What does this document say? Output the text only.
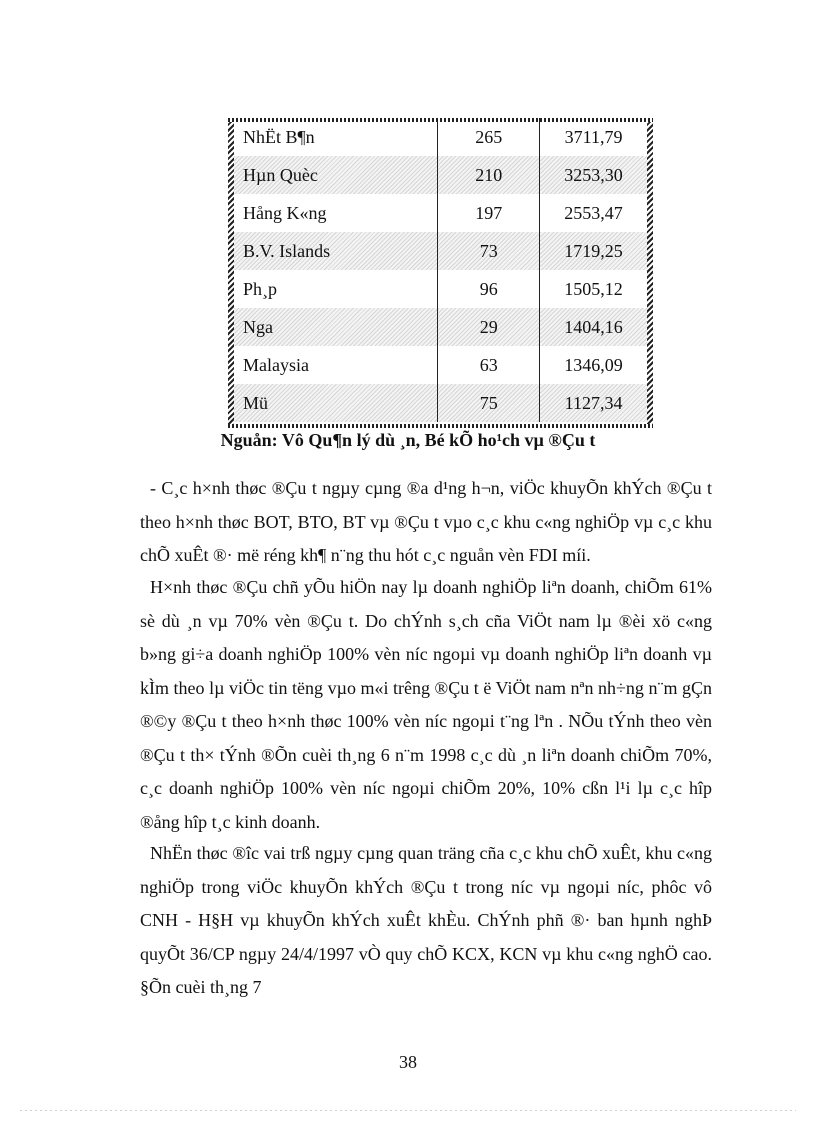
NhËt B¶n	265	3711,79
Hµn Quèc	210	3253,30
Hång K«ng	197	2553,47
B.V. Islands	73	1719,25
Ph¸p	96	1505,12
Nga	29	1404,16
Malaysia	63	1346,09
Mü	75	1127,34
Nguån: Vô Qu¶n lý dù ¸n, Bé kÕ ho¹ch vµ ®Çu t

- C¸c h×nh thøc ®Çu t ngµy cµng ®a d¹ng h¬n, viÖc khuyÕn khÝch ®Çu t theo h×nh thøc BOT, BTO, BT vµ ®Çu t vµo c¸c khu c«ng nghiÖp vµ c¸c khu chÕ xuÊt ®· më réng kh¶ n¨ng thu hót c¸c nguån vèn FDI míi.

H×nh thøc ®Çu chñ yÕu hiÖn nay lµ doanh nghiÖp liªn doanh, chiÕm 61% sè dù ¸n vµ 70% vèn ®Çu t. Do chÝnh s¸ch cña ViÖt nam lµ ®èi xö c«ng b»ng gi÷a doanh nghiÖp 100% vèn níc ngoµi vµ doanh nghiÖp liªn doanh vµ kÌm theo lµ viÖc tin tëng vµo m«i trêng ®Çu t ë ViÖt nam nªn nh÷ng n¨m gÇn ®©y ®Çu t theo h×nh thøc 100% vèn níc ngoµi t¨ng lªn . NÕu tÝnh theo vèn ®Çu t th× tÝnh ®Õn cuèi th¸ng 6 n¨m 1998 c¸c dù ¸n liªn doanh chiÕm 70%, c¸c doanh nghiÖp 100% vèn níc ngoµi chiÕm 20%, 10% cßn l¹i lµ c¸c hîp ®ång hîp t¸c kinh doanh.

NhËn thøc ®îc vai trß ngµy cµng quan träng cña c¸c khu chÕ xuÊt, khu c«ng nghiÖp trong viÖc khuyÕn khÝch ®Çu t trong níc vµ ngoµi níc, phôc vô CNH - H§H vµ khuyÕn khÝch xuÊt khÈu. ChÝnh phñ ®· ban hµnh nghÞ quyÕt 36/CP ngµy 24/4/1997 vÒ quy chÕ KCX, KCN vµ khu c«ng nghÖ cao. §Õn cuèi th¸ng 7

38
